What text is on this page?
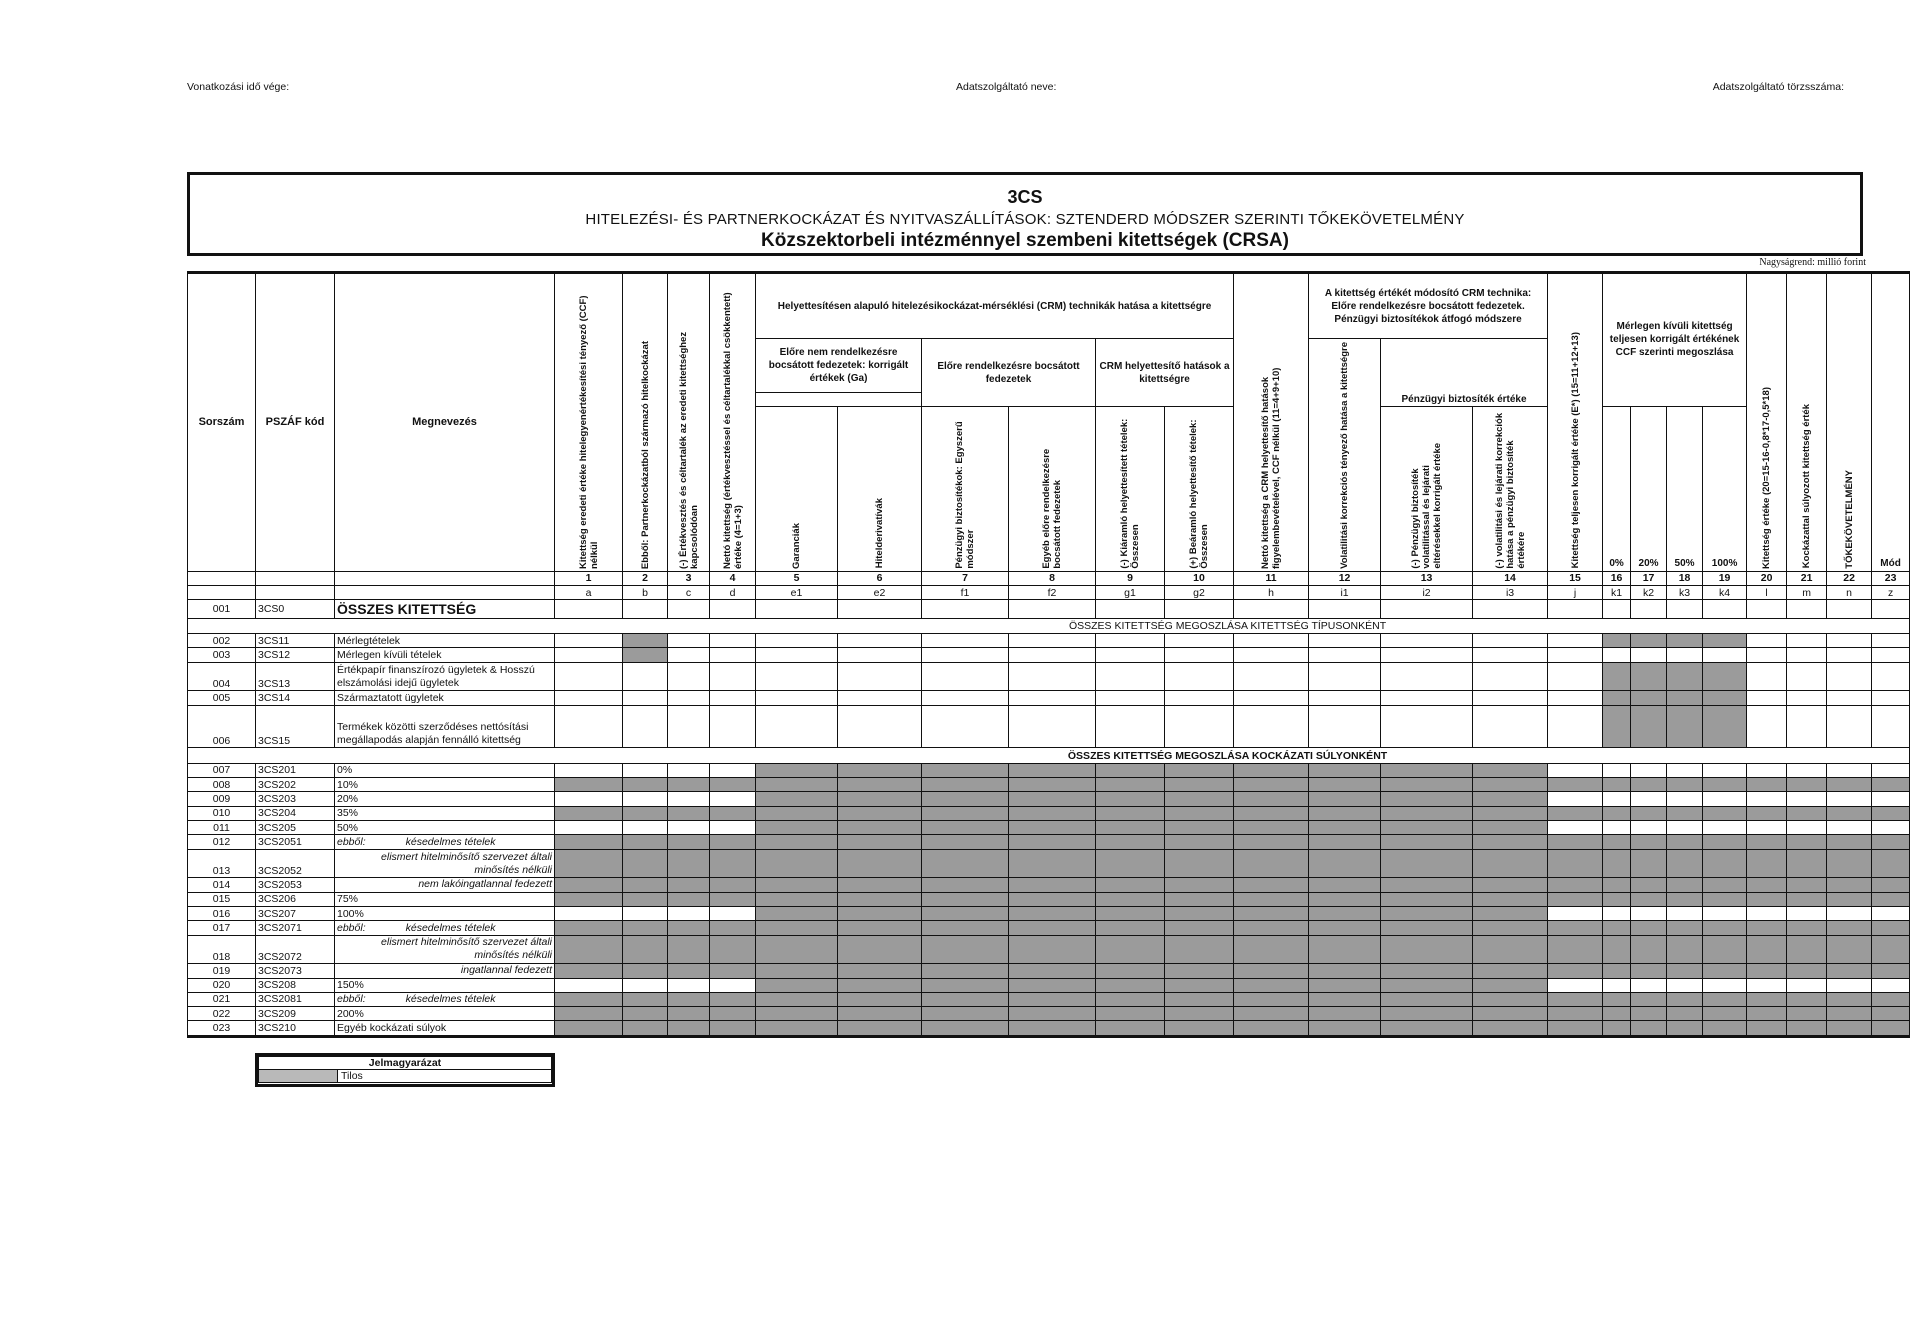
Vonatkozási idő vége:	Adatszolgáltató neve:	Adatszolgáltató törzsszáma:
3CS
HITELEZÉSI- ÉS PARTNERKOCKÁZAT ÉS NYITVASZÁLLÍTÁSOK: SZTENDERD MÓDSZER SZERINTI TŐKEKÖVETELMÉNY
Közszektorbeli intézménnyel szembeni kitettségek (CRSA)
Nagyságrend: millió forint
Sorszám	PSZÁF kód	Megnevezés	Kitettség eredeti értéke hitelegyenértékesítési tényező (CCF) nélkül	Ebből: Partnerkockázatból származó hitelkockázat	(-) Értékvesztés és céltartalék az eredeti kitettséghez kapcsolódóan	Nettó kitettség (értékvesztéssel és céltartalékkal csökkentett) értéke (4=1+3)	Helyettesítésen alapuló hitelezésikockázat-mérséklési (CRM) technikák hatása a kitettségre						Nettó kitettség a CRM helyettesítő hatások figyelembevételével, CCF nélkül (11=4+9+10)	A kitettség értékét módosító CRM technika: Előre rendelkezésre bocsátott fedezetek. Pénzügyi biztosítékok átfogó módszere			Kitettség teljesen korrigált értéke (E*) (15=11+12+13)	Mérlegen kívüli kitettség teljesen korrigált értékének CCF szerinti megoszlása				Kitettség értéke (20=15-16-0,8*17-0,5*18)	Kockázattal súlyozott kitettség érték	TŐKEKÖVETELMÉNY	Mód
							Előre nem rendelkezésre bocsátott fedezetek: korrigált értékek (Ga)		Előre rendelkezésre bocsátott fedezetek		CRM helyettesítő hatások a kitettségre			Volatilitási korrekciós tényező hatása a kitettségre	Pénzügyi biztosíték értéke										

							Garanciák	Hitelderivatívák	Pénzügyi biztosítékok: Egyszerű módszer	Egyéb előre rendelkezésre bocsátott fedezetek	(-) Kiáramló helyettesített tételek: Összesen	(+) Beáramló helyettesítő tételek: Összesen			(-) Pénzügyi biztosíték volatilitással és lejárati eltérésekkel korrigált értéke	(-) volatilitási és lejárati korrekciók hatása a pénzügyi biztosíték értékére		0%	20%	50%	100%				

			1	2	3	4	5	6	7	8	9	10	11	12	13	14	15	16	17	18	19	20	21	22	23
			a	b	c	d	e1	e2	f1	f2	g1	g2	h	i1	i2	i3	j	k1	k2	k3	k4	l	m	n	z
001	3CS0	ÖSSZES KITETTSÉG																							
ÖSSZES KITETTSÉG MEGOSZLÁSA KITETTSÉG TÍPUSONKÉNT																									
002	3CS11	Mérlegtételek																							
003	3CS12	Mérlegen kívüli tételek																							
004	3CS13	Értékpapír finanszírozó ügyletek & Hosszú elszámolási idejű ügyletek																							
005	3CS14	Származtatott ügyletek																							
006	3CS15	Termékek közötti szerződéses nettósítási megállapodás alapján fennálló kitettség																							
ÖSSZES KITETTSÉG MEGOSZLÁSA KOCKÁZATI SÚLYONKÉNT																									
007	3CS201	0%																							
008	3CS202	10%																							
009	3CS203	20%																							
010	3CS204	35%																							
011	3CS205	50%																							
012	3CS2051	ebből: késedelmes tételek																							
013	3CS2052	elismert hitelminősítő szervezet általi minősítés nélküli																							
014	3CS2053	nem lakóingatlannal fedezett																							
015	3CS206	75%																							
016	3CS207	100%																							
017	3CS2071	ebből: késedelmes tételek																							
018	3CS2072	elismert hitelminősítő szervezet általi minősítés nélküli																							
019	3CS2073	ingatlannal fedezett																							
020	3CS208	150%																							
021	3CS2081	ebből: késedelmes tételek																							
022	3CS209	200%																							
023	3CS210	Egyéb kockázati súlyok																							
Jelmagyarázat
	Tilos
